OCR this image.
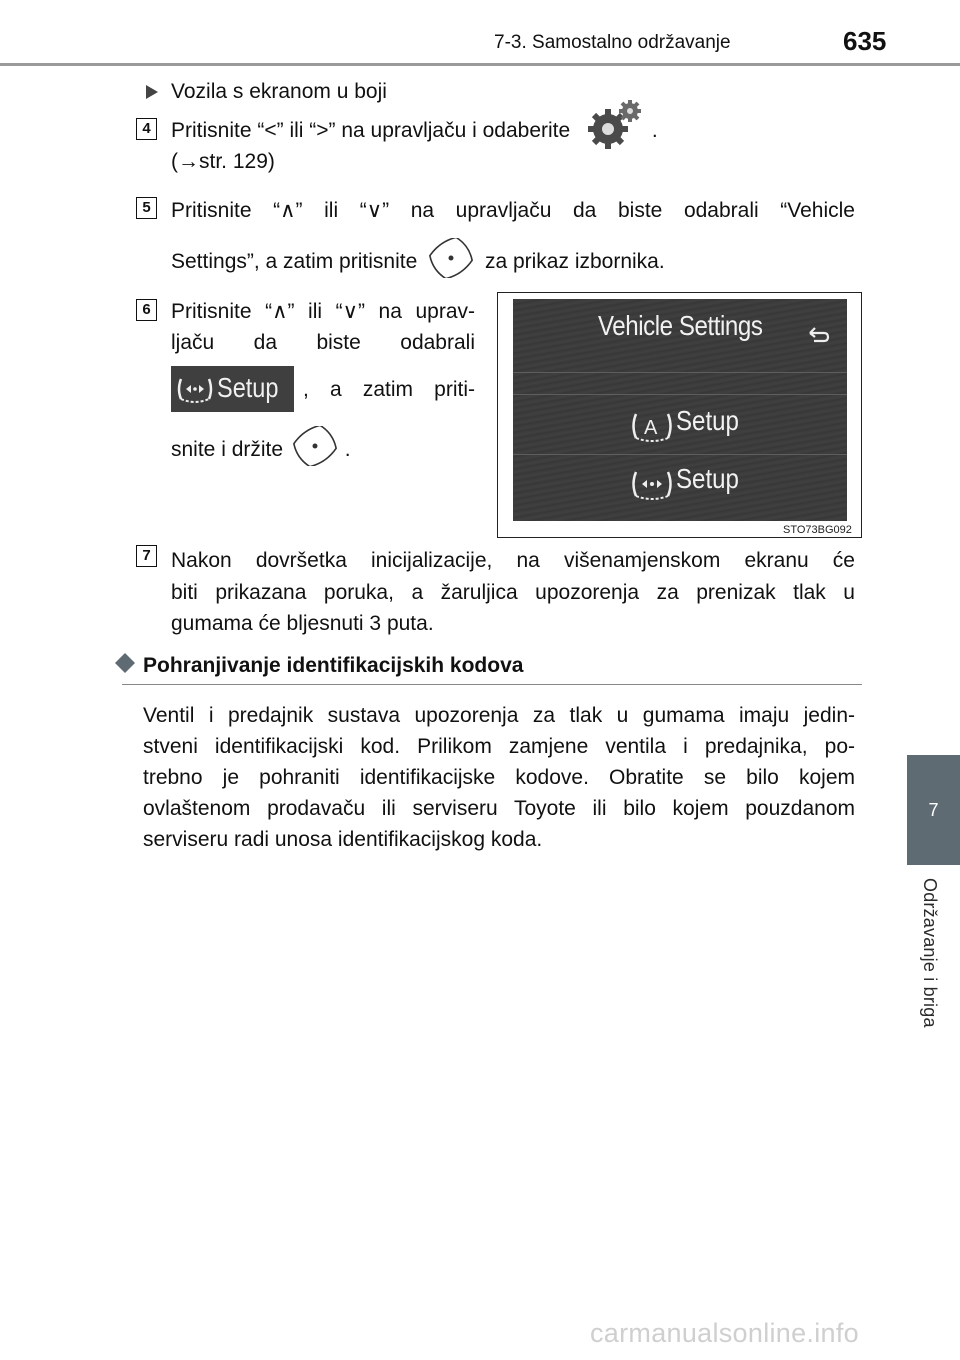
7-3. Samostalno održavanje	635
7
Održavanje i briga
Vozila s ekranom u boji
4 Pritisnite “<” ili “>” na upravljaču i odaberite	.
(→str. 129)
5 Pritisnite “∧” ili “∨” na upravljaču da biste odabrali “Vehicle
Settings”, a zatim pritisnite	za prikaz izbornika.
6 Pritisnite “∧” ili “∨” na uprav-
ljaču da biste odabrali
Setup , a zatim priti-
snite i držite	.
Vehicle Settings
A Setup
Setup
STO73BG092
7 Nakon dovršetka inicijalizacije, na višenamjenskom ekranu će
biti prikazana poruka, a žaruljica upozorenja za prenizak tlak u
gumama će bljesnuti 3 puta.
Pohranjivanje identifikacijskih kodova
Ventil i predajnik sustava upozorenja za tlak u gumama imaju jedin-
stveni identifikacijski kod. Prilikom zamjene ventila i predajnika, po-
trebno je pohraniti identifikacijske kodove. Obratite se bilo kojem
ovlaštenom prodavaču ili serviseru Toyote ili bilo kojem pouzdanom
serviseru radi unosa identifikacijskog koda.
carmanualsonline.info
